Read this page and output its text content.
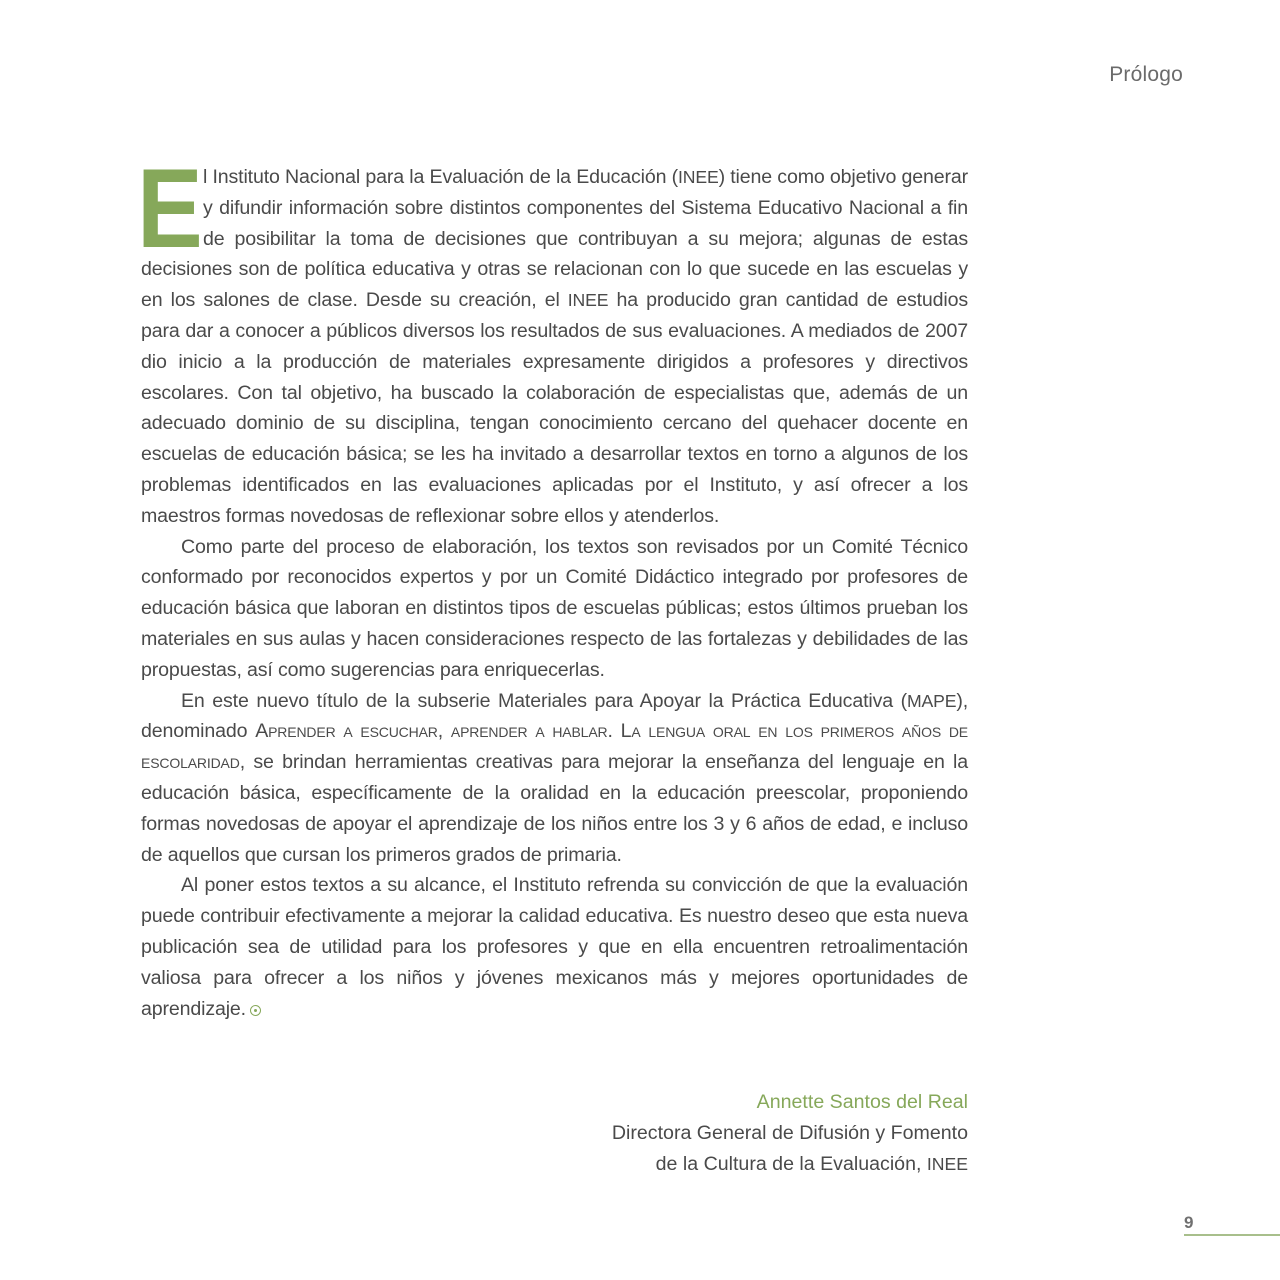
Prólogo

El Instituto Nacional para la Evaluación de la Educación (INEE) tiene como objetivo generar y difundir información sobre distintos componentes del Sistema Educativo Nacional a fin de posibilitar la toma de decisiones que contribuyan a su mejora; algunas de estas decisiones son de política educativa y otras se relacionan con lo que sucede en las escuelas y en los salones de clase. Desde su creación, el INEE ha producido gran cantidad de estudios para dar a conocer a públicos diversos los resultados de sus evaluaciones. A mediados de 2007 dio inicio a la producción de materiales expresamente dirigidos a profesores y directivos escolares. Con tal objetivo, ha buscado la colaboración de especialistas que, además de un adecuado dominio de su disciplina, tengan conocimiento cercano del quehacer docente en escuelas de educación básica; se les ha invitado a desarrollar textos en torno a algunos de los problemas identificados en las evaluaciones aplicadas por el Instituto, y así ofrecer a los maestros formas novedosas de reflexionar sobre ellos y atenderlos.

Como parte del proceso de elaboración, los textos son revisados por un Comité Técnico conformado por reconocidos expertos y por un Comité Didáctico integrado por profesores de educación básica que laboran en distintos tipos de escuelas públicas; estos últimos prueban los materiales en sus aulas y hacen consideraciones respecto de las fortalezas y debilidades de las propuestas, así como sugerencias para enriquecerlas.

En este nuevo título de la subserie Materiales para Apoyar la Práctica Educativa (MAPE), denominado Aprender a escuchar, aprender a hablar. La lengua oral en los primeros años de escolaridad, se brindan herramientas creativas para mejorar la enseñanza del lenguaje en la educación básica, específicamente de la oralidad en la educación preescolar, proponiendo formas novedosas de apoyar el aprendizaje de los niños entre los 3 y 6 años de edad, e incluso de aquellos que cursan los primeros grados de primaria.

Al poner estos textos a su alcance, el Instituto refrenda su convicción de que la evaluación puede contribuir efectivamente a mejorar la calidad educativa. Es nuestro deseo que esta nueva publicación sea de utilidad para los profesores y que en ella encuentren retroalimentación valiosa para ofrecer a los niños y jóvenes mexicanos más y mejores oportunidades de aprendizaje.

Annette Santos del Real
Directora General de Difusión y Fomento
de la Cultura de la Evaluación, INEE
9
